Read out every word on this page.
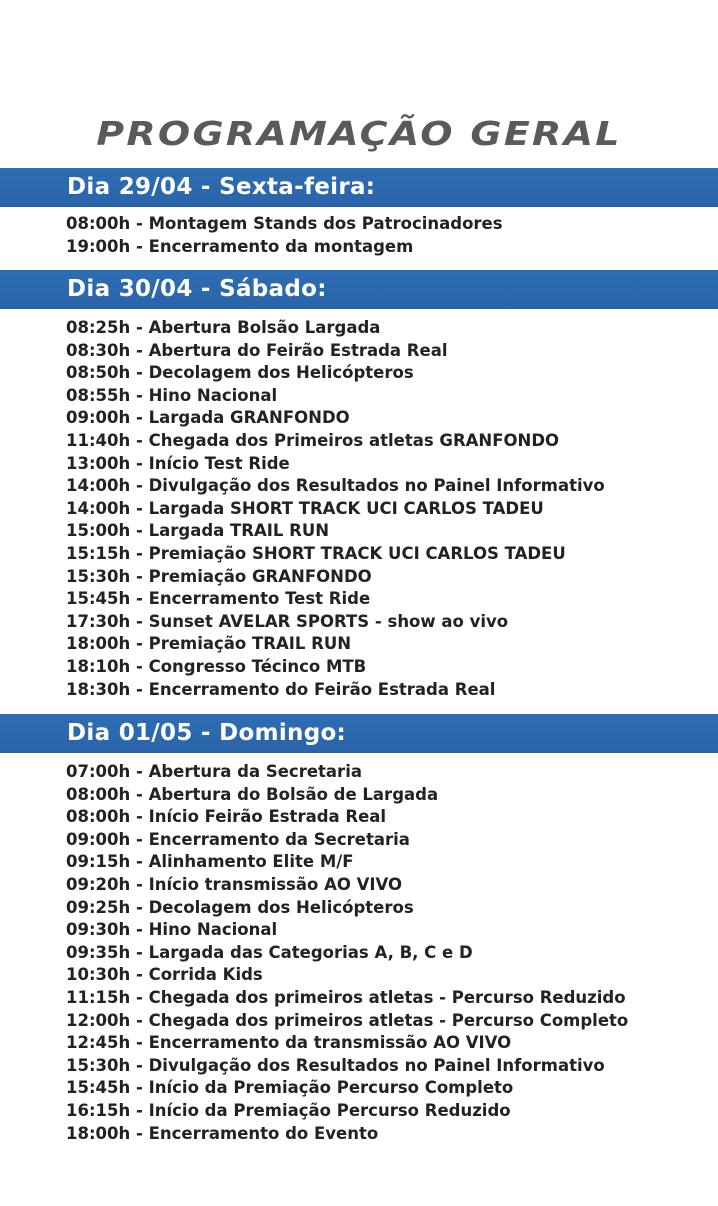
PROGRAMAÇÃO GERAL
Dia 29/04 - Sexta-feira:
08:00h - Montagem Stands dos Patrocinadores
19:00h - Encerramento da montagem
Dia 30/04 - Sábado:
08:25h - Abertura Bolsão Largada
08:30h - Abertura do Feirão Estrada Real
08:50h - Decolagem dos Helicópteros
08:55h - Hino Nacional
09:00h - Largada GRANFONDO
11:40h - Chegada dos Primeiros atletas GRANFONDO
13:00h - Início Test Ride
14:00h - Divulgação dos Resultados no Painel Informativo
14:00h - Largada SHORT TRACK UCI CARLOS TADEU
15:00h - Largada TRAIL RUN
15:15h - Premiação SHORT TRACK UCI CARLOS TADEU
15:30h - Premiação GRANFONDO
15:45h - Encerramento Test Ride
17:30h - Sunset AVELAR SPORTS - show ao vivo
18:00h - Premiação TRAIL RUN
18:10h - Congresso Técinco MTB
18:30h - Encerramento do Feirão Estrada Real
Dia 01/05 - Domingo:
07:00h - Abertura da Secretaria
08:00h - Abertura do Bolsão de Largada
08:00h - Início Feirão Estrada Real
09:00h - Encerramento da Secretaria
09:15h - Alinhamento Elite M/F
09:20h - Início transmissão AO VIVO
09:25h - Decolagem dos Helicópteros
09:30h - Hino Nacional
09:35h - Largada das Categorias A, B, C e D
10:30h - Corrida Kids
11:15h - Chegada dos primeiros atletas - Percurso Reduzido
12:00h - Chegada dos primeiros atletas - Percurso Completo
12:45h - Encerramento da transmissão AO VIVO
15:30h - Divulgação dos Resultados no Painel Informativo
15:45h - Início da Premiação Percurso Completo
16:15h - Início da Premiação Percurso Reduzido
18:00h - Encerramento do Evento
